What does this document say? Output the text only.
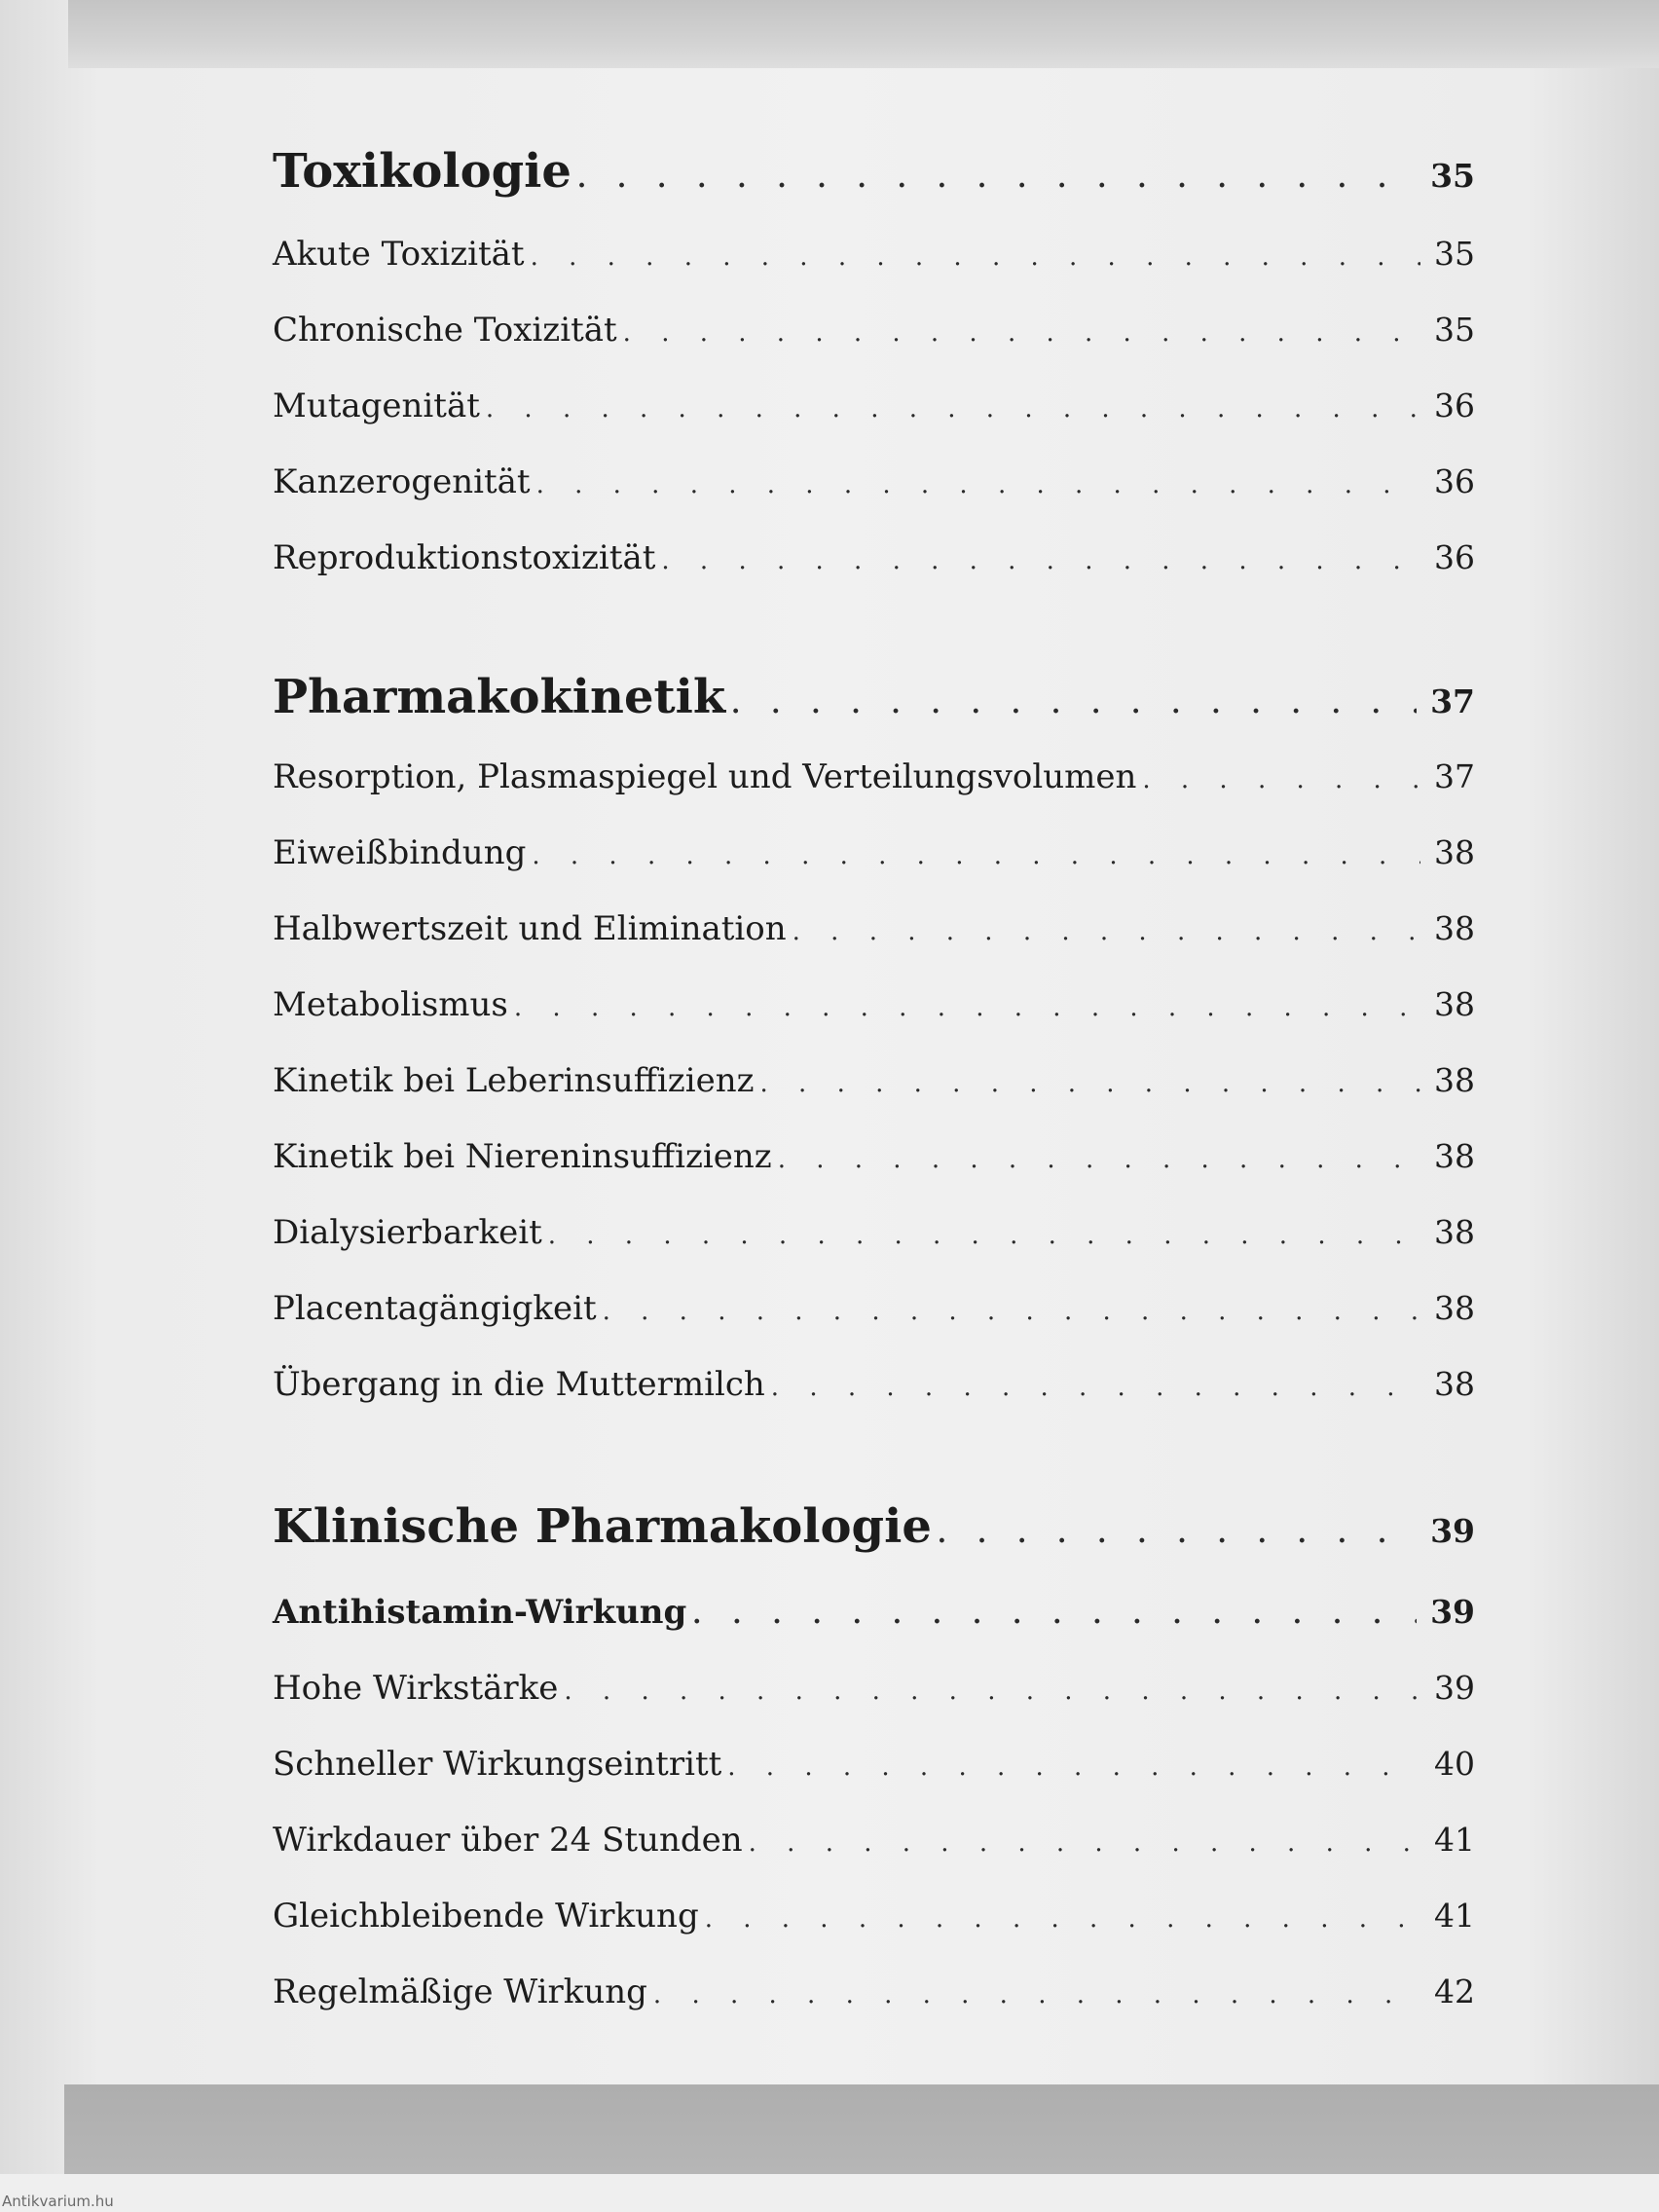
Toxikologie . . .	35
Akute Toxizität . . .	35
Chronische Toxizität . . .	35
Mutagenität . . .	36
Kanzerogenität . . .	36
Reproduktionstoxizität . . .	36
Pharmakokinetik . . .	37
Resorption, Plasmaspiegel und Verteilungsvolumen . . .	37
Eiweißbindung . . .	38
Halbwertszeit und Elimination . . .	38
Metabolismus . . .	38
Kinetik bei Leberinsuffizienz . . .	38
Kinetik bei Niereninsuffizienz . . .	38
Dialysierbarkeit . . .	38
Placentagängigkeit . . .	38
Übergang in die Muttermilch . . .	38
Klinische Pharmakologie . . .	39
Antihistamin-Wirkung . . .	39
Hohe Wirkstärke . . .	39
Schneller Wirkungseintritt . . .	40
Wirkdauer über 24 Stunden . . .	41
Gleichbleibende Wirkung . . .	41
Regelmäßige Wirkung . . .	42
Antikvarium.hu
